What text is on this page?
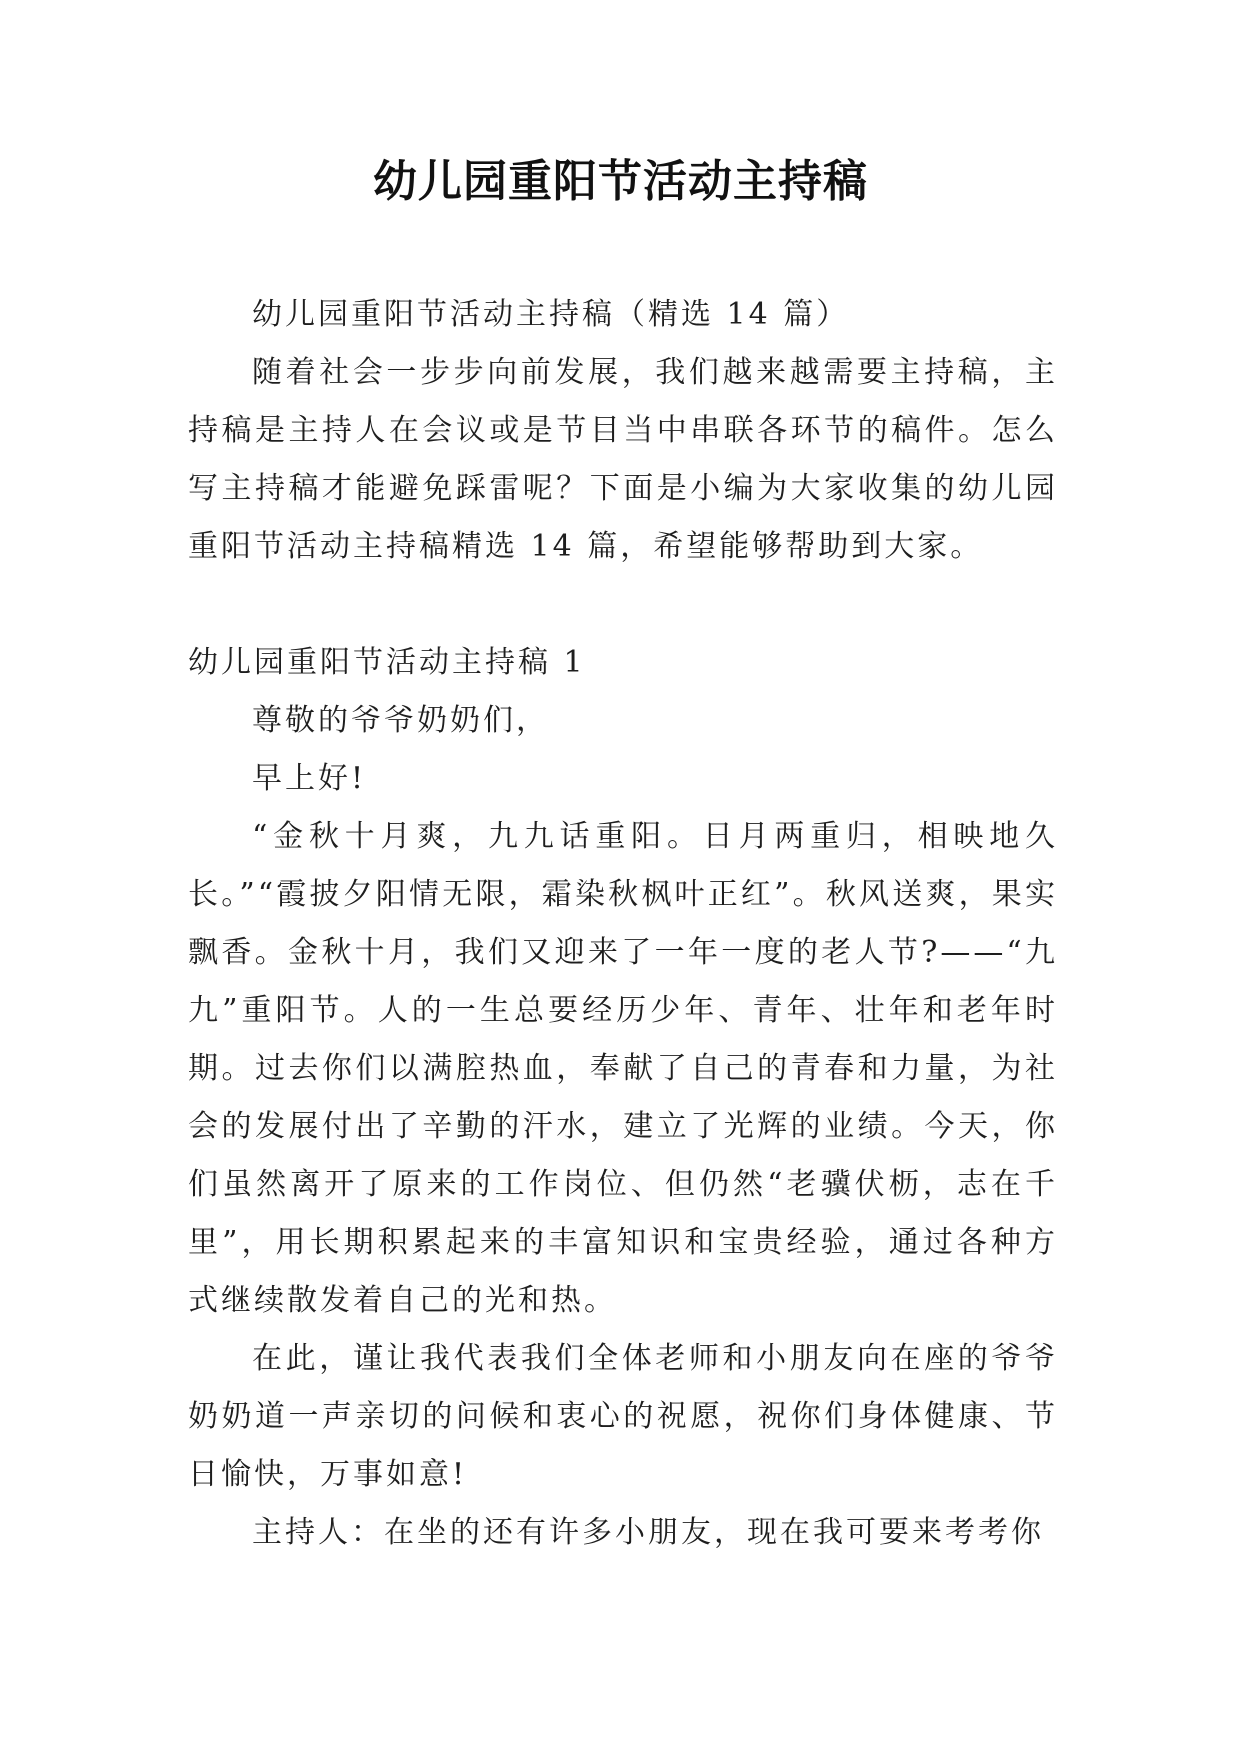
幼儿园重阳节活动主持稿

幼儿园重阳节活动主持稿（精选 14 篇）

随着社会一步步向前发展，我们越来越需要主持稿，主持稿是主持人在会议或是节目当中串联各环节的稿件。怎么写主持稿才能避免踩雷呢？下面是小编为大家收集的幼儿园重阳节活动主持稿精选 14 篇，希望能够帮助到大家。

幼儿园重阳节活动主持稿 1

尊敬的爷爷奶奶们，

早上好!

“金秋十月爽，九九话重阳。日月两重归，相映地久长。”“霞披夕阳情无限，霜染秋枫叶正红”。秋风送爽，果实飘香。金秋十月，我们又迎来了一年一度的老人节?——“九九”重阳节。人的一生总要经历少年、青年、壮年和老年时期。过去你们以满腔热血，奉献了自己的青春和力量，为社会的发展付出了辛勤的汗水，建立了光辉的业绩。今天，你们虽然离开了原来的工作岗位、但仍然“老骥伏枥，志在千里”，用长期积累起来的丰富知识和宝贵经验，通过各种方式继续散发着自己的光和热。

在此，谨让我代表我们全体老师和小朋友向在座的爷爷奶奶道一声亲切的问候和衷心的祝愿，祝你们身体健康、节日愉快，万事如意!

主持人：在坐的还有许多小朋友，现在我可要来考考你
